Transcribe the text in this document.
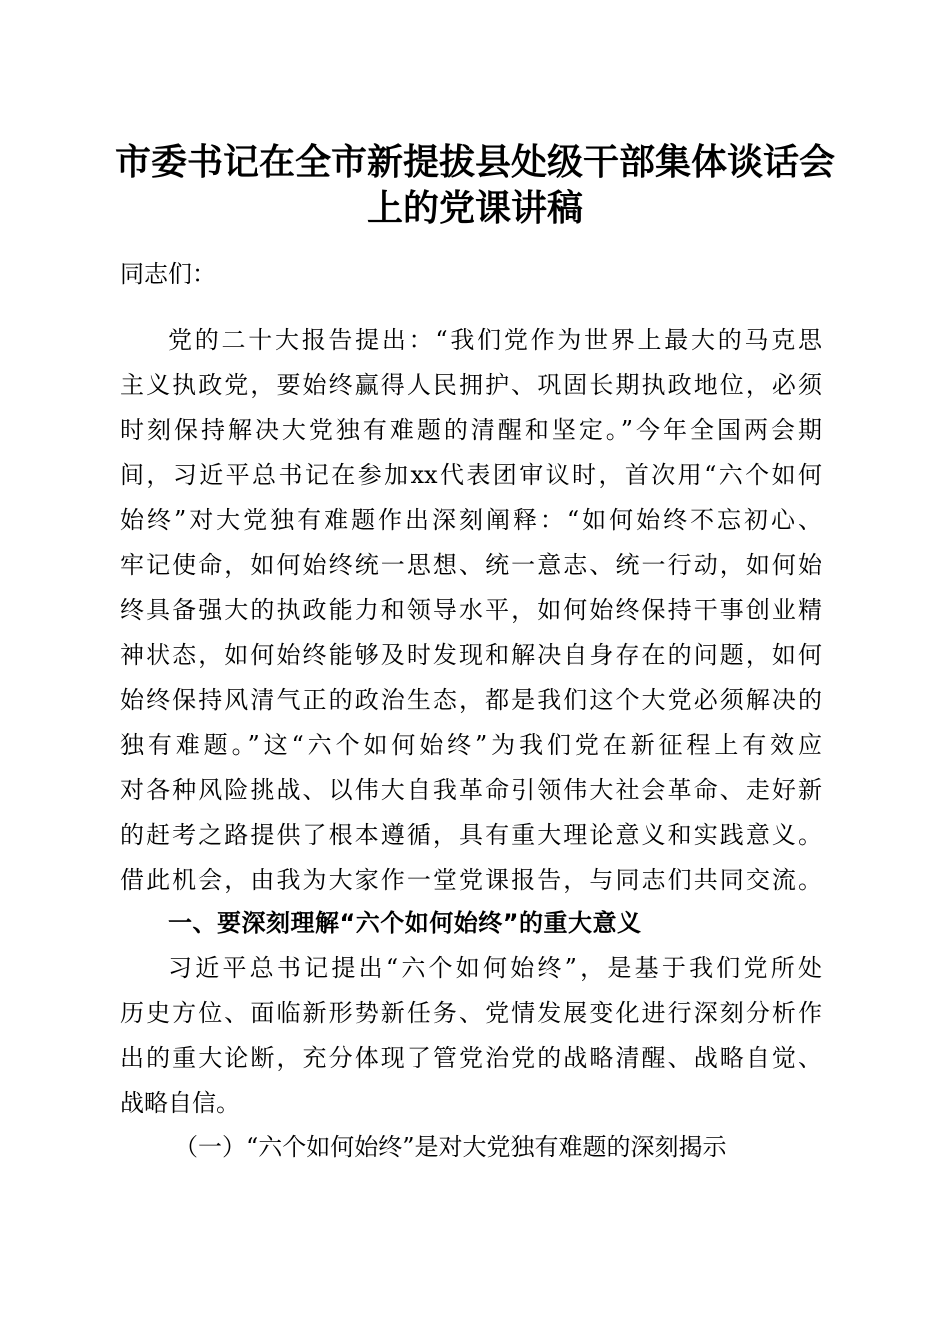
市委书记在全市新提拔县处级干部集体谈话会
上的党课讲稿
同志们：
党的二十大报告提出：“我们党作为世界上最大的马克思
主义执政党，要始终赢得人民拥护、巩固长期执政地位，必须
时刻保持解决大党独有难题的清醒和坚定。”今年全国两会期
间，习近平总书记在参加xx代表团审议时，首次用“六个如何
始终”对大党独有难题作出深刻阐释：“如何始终不忘初心、
牢记使命，如何始终统一思想、统一意志、统一行动，如何始
终具备强大的执政能力和领导水平，如何始终保持干事创业精
神状态，如何始终能够及时发现和解决自身存在的问题，如何
始终保持风清气正的政治生态，都是我们这个大党必须解决的
独有难题。”这“六个如何始终”为我们党在新征程上有效应
对各种风险挑战、以伟大自我革命引领伟大社会革命、走好新
的赶考之路提供了根本遵循，具有重大理论意义和实践意义。
借此机会，由我为大家作一堂党课报告，与同志们共同交流。
一、要深刻理解“六个如何始终”的重大意义
习近平总书记提出“六个如何始终”，是基于我们党所处
历史方位、面临新形势新任务、党情发展变化进行深刻分析作
出的重大论断，充分体现了管党治党的战略清醒、战略自觉、
战略自信。
（一）“六个如何始终”是对大党独有难题的深刻揭示
